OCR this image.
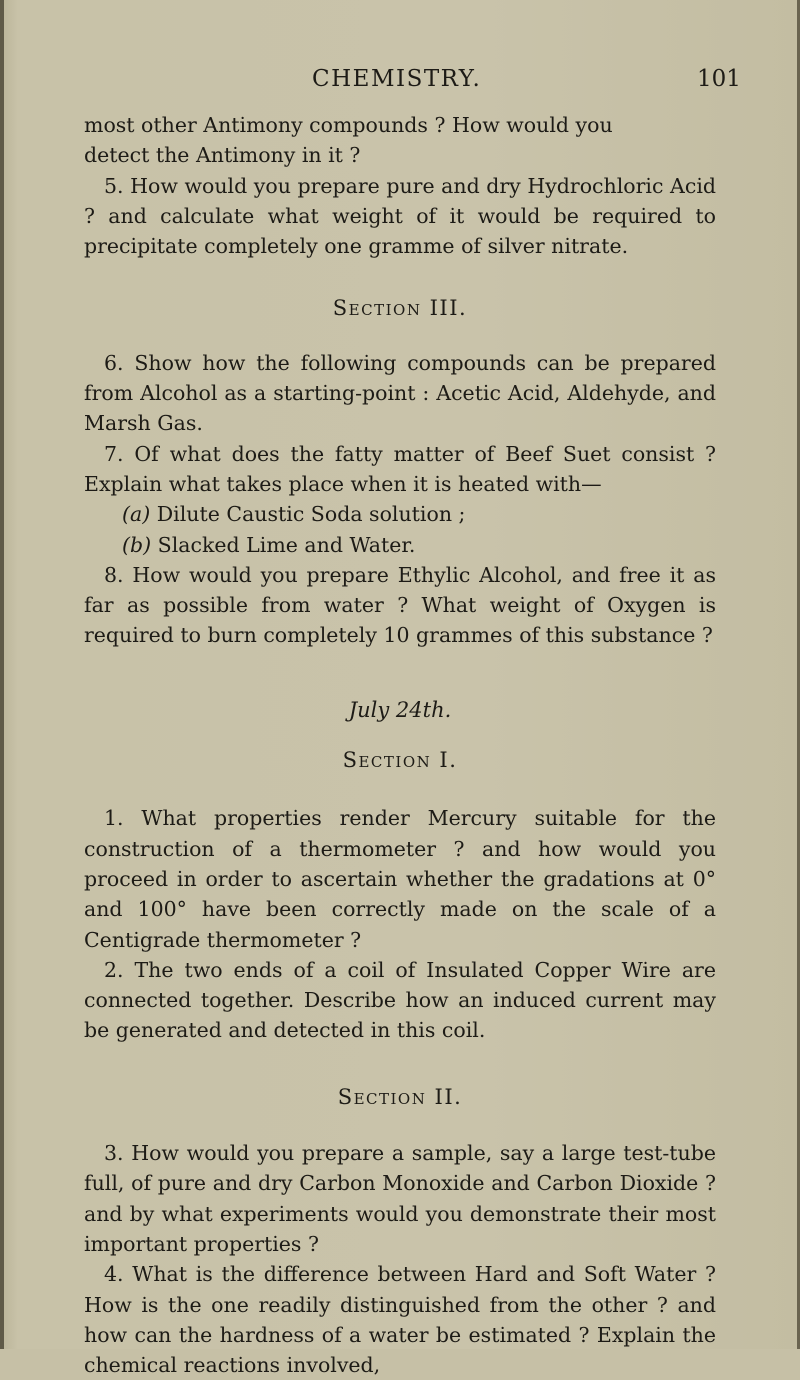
CHEMISTRY.	101

most other Antimony compounds ? How would you

detect the Antimony in it ?

5. How would you prepare pure and dry Hydrochloric Acid ? and calculate what weight of it would be required to precipitate completely one gramme of silver nitrate.

Section III.

6. Show how the following compounds can be prepared from Alcohol as a starting-point : Acetic Acid, Aldehyde, and Marsh Gas.

7. Of what does the fatty matter of Beef Suet consist ? Explain what takes place when it is heated with—

(a) Dilute Caustic Soda solution ;

(b) Slacked Lime and Water.

8. How would you prepare Ethylic Alcohol, and free it as far as possible from water ? What weight of Oxygen is required to burn completely 10 grammes of this substance ?

July 24th.

Section I.

1. What properties render Mercury suitable for the construction of a thermometer ? and how would you proceed in order to ascertain whether the gradations at 0° and 100° have been correctly made on the scale of a Centigrade thermometer ?

2. The two ends of a coil of Insulated Copper Wire are connected together. Describe how an induced current may be generated and detected in this coil.

Section II.

3. How would you prepare a sample, say a large test-tube full, of pure and dry Carbon Monoxide and Carbon Dioxide ? and by what experiments would you demonstrate their most important properties ?

4. What is the difference between Hard and Soft Water ? How is the one readily distinguished from the other ? and how can the hardness of a water be estimated ? Explain the chemical reactions involved,
